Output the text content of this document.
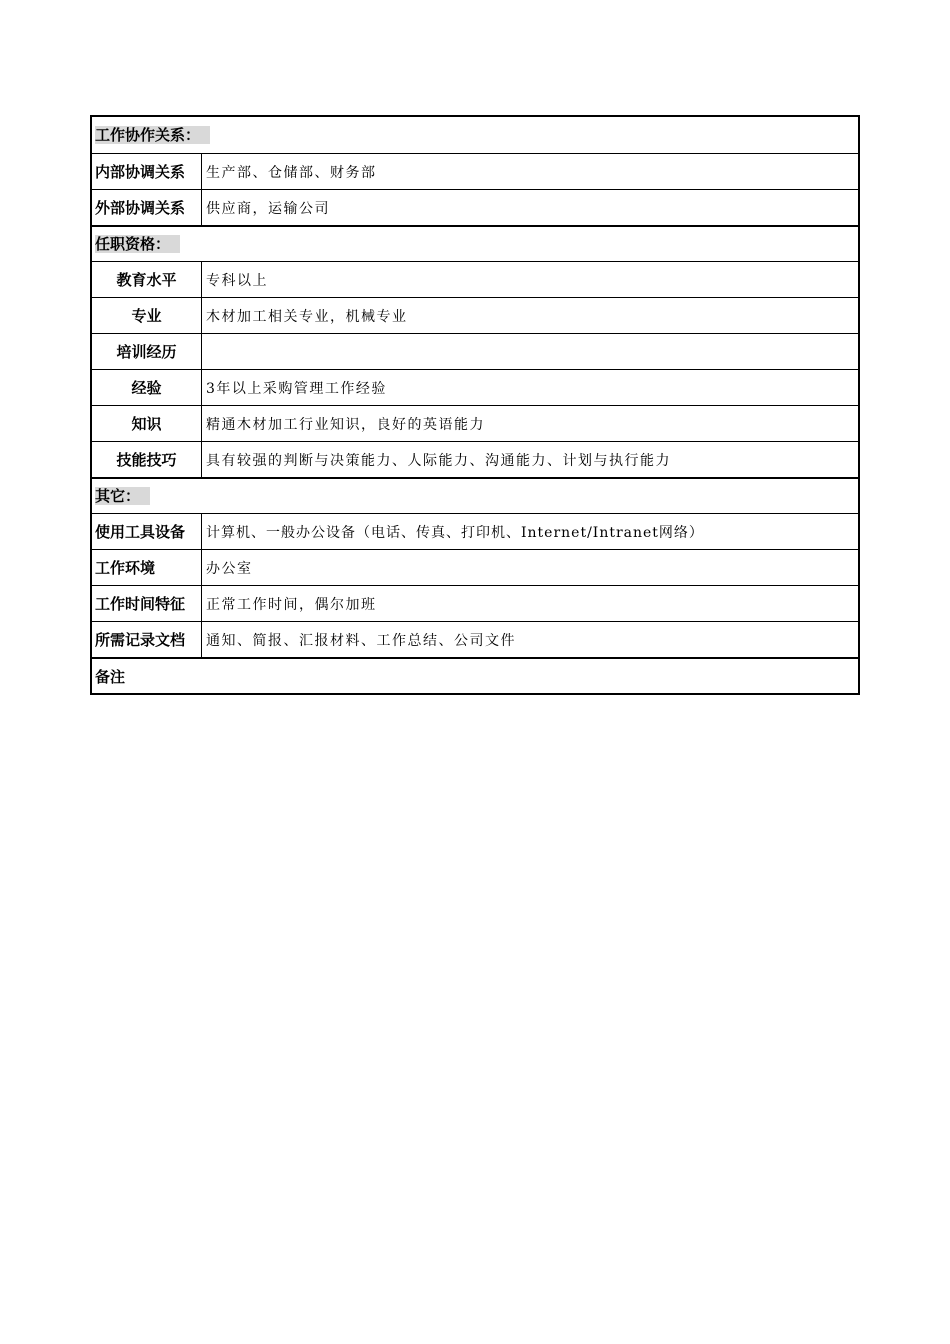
工作协作关系：
内部协调关系	生产部、仓储部、财务部
外部协调关系	供应商，运输公司
任职资格：
教育水平	专科以上
专业	木材加工相关专业，机械专业
培训经历
经验	3年以上采购管理工作经验
知识	精通木材加工行业知识，良好的英语能力
技能技巧	具有较强的判断与决策能力、人际能力、沟通能力、计划与执行能力
其它：
使用工具设备	计算机、一般办公设备（电话、传真、打印机、Internet/Intranet网络）
工作环境	办公室
工作时间特征	正常工作时间，偶尔加班
所需记录文档	通知、简报、汇报材料、工作总结、公司文件
备注
